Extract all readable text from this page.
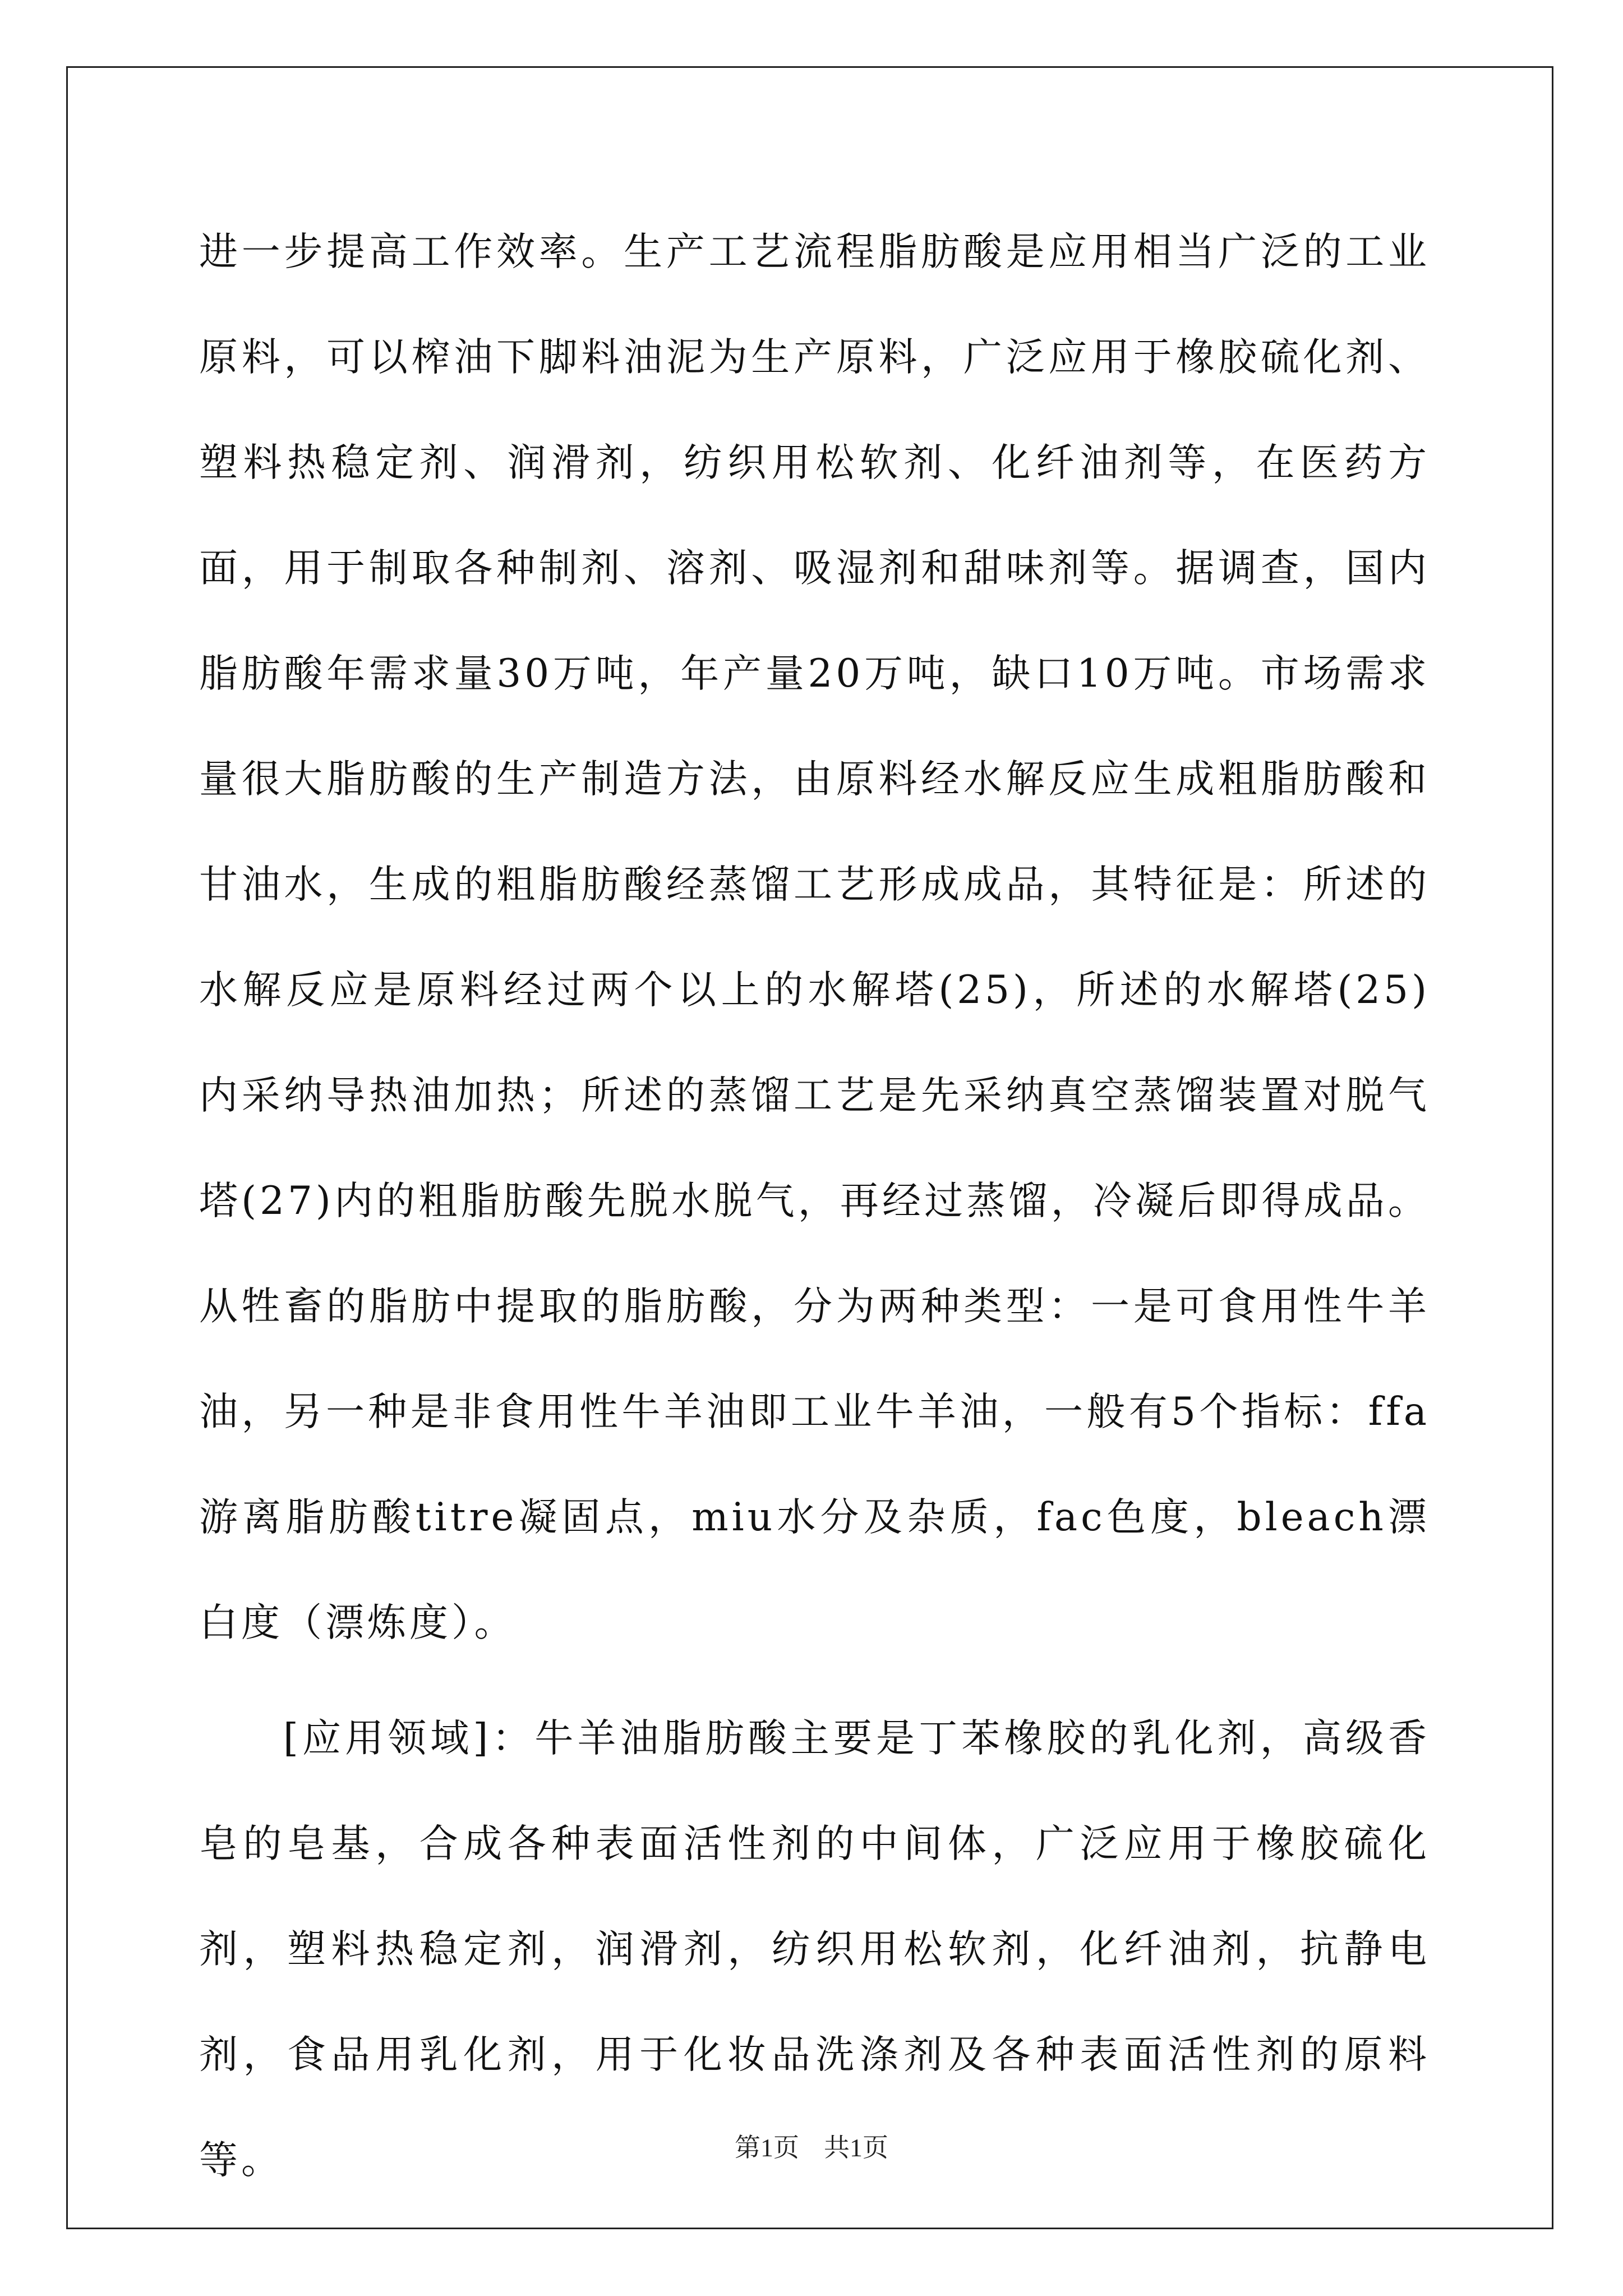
进一步提高工作效率。生产工艺流程脂肪酸是应用相当广泛的工业原料，可以榨油下脚料油泥为生产原料，广泛应用于橡胶硫化剂、塑料热稳定剂、润滑剂，纺织用松软剂、化纤油剂等，在医药方面，用于制取各种制剂、溶剂、吸湿剂和甜味剂等。据调查，国内脂肪酸年需求量30万吨，年产量20万吨，缺口10万吨。市场需求量很大脂肪酸的生产制造方法，由原料经水解反应生成粗脂肪酸和甘油水，生成的粗脂肪酸经蒸馏工艺形成成品，其特征是：所述的水解反应是原料经过两个以上的水解塔(25)，所述的水解塔(25)内采纳导热油加热；所述的蒸馏工艺是先采纳真空蒸馏装置对脱气塔(27)内的粗脂肪酸先脱水脱气，再经过蒸馏，冷凝后即得成品。从牲畜的脂肪中提取的脂肪酸，分为两种类型：一是可食用性牛羊油，另一种是非食用性牛羊油即工业牛羊油，一般有5个指标：ffa游离脂肪酸titre凝固点，miu水分及杂质，fac色度，bleach漂白度（漂炼度）。

[应用领域]：牛羊油脂肪酸主要是丁苯橡胶的乳化剂，高级香皂的皂基，合成各种表面活性剂的中间体，广泛应用于橡胶硫化剂，塑料热稳定剂，润滑剂，纺织用松软剂，化纤油剂，抗静电剂，食品用乳化剂，用于化妆品洗涤剂及各种表面活性剂的原料等。	第1页 共1页
